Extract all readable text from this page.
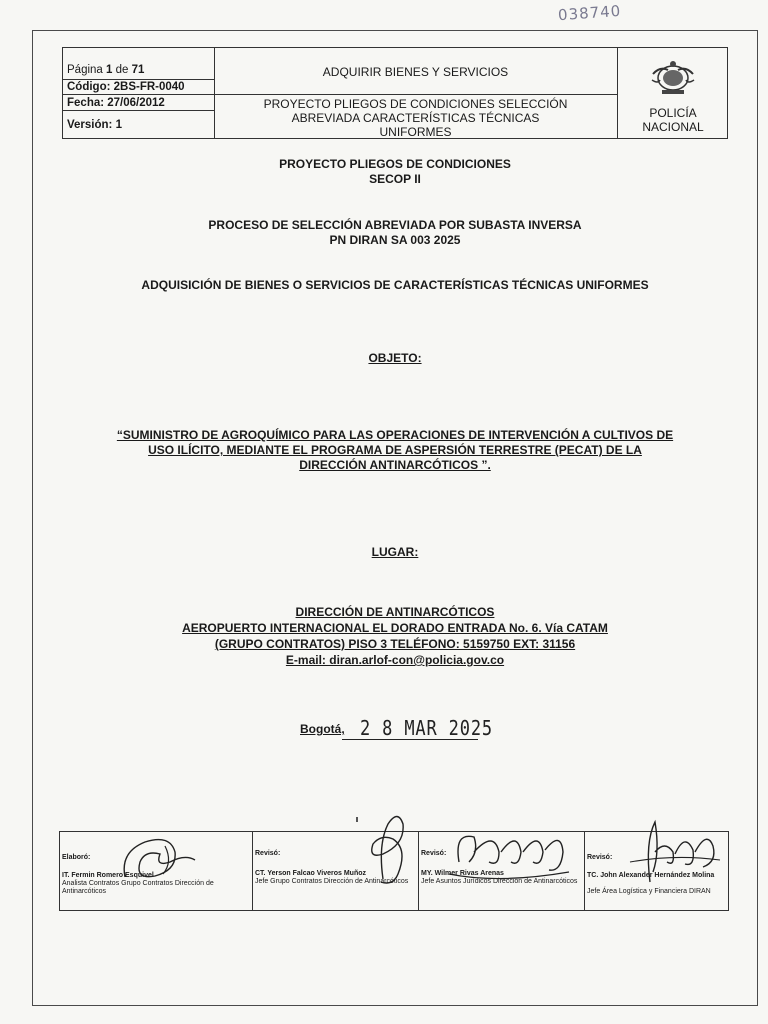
038740
Página 1 de 71
Código: 2BS-FR-0040
Fecha: 27/06/2012
Versión: 1
ADQUIRIR BIENES Y SERVICIOS
PROYECTO PLIEGOS DE CONDICIONES SELECCIÓN ABREVIADA CARACTERÍSTICAS TÉCNICAS UNIFORMES
POLICÍA NACIONAL
PROYECTO PLIEGOS DE CONDICIONES
SECOP II
PROCESO DE SELECCIÓN ABREVIADA POR SUBASTA INVERSA
PN DIRAN SA 003 2025
ADQUISICIÓN DE BIENES O SERVICIOS DE CARACTERÍSTICAS TÉCNICAS UNIFORMES
OBJETO:
“SUMINISTRO DE AGROQUÍMICO PARA LAS OPERACIONES DE INTERVENCIÓN A CULTIVOS DE
USO ILÍCITO, MEDIANTE EL PROGRAMA DE ASPERSIÓN TERRESTRE (PECAT) DE LA
DIRECCIÓN ANTINARCÓTICOS ”.
LUGAR:
DIRECCIÓN DE ANTINARCÓTICOS
AEROPUERTO INTERNACIONAL EL DORADO ENTRADA No. 6. Vía CATAM
(GRUPO CONTRATOS) PISO 3 TELÉFONO: 5159750 EXT: 31156
E-mail: diran.arlof-con@policia.gov.co
Bogotá, 2 8 MAR 2025
Elaboró:
IT. Fermin Romero Esquivel
Analista Contratos Grupo Contratos Dirección de Antinarcóticos
Revisó:
CT. Yerson Falcao Viveros Muñoz
Jefe Grupo Contratos Dirección de Antinarcóticos
Revisó:
MY. Wilmer Rivas Arenas
Jefe Asuntos Jurídicos Dirección de Antinarcóticos
Revisó:
TC. John Alexander Hernández Molina
Jefe Área Logística y Financiera DIRAN
